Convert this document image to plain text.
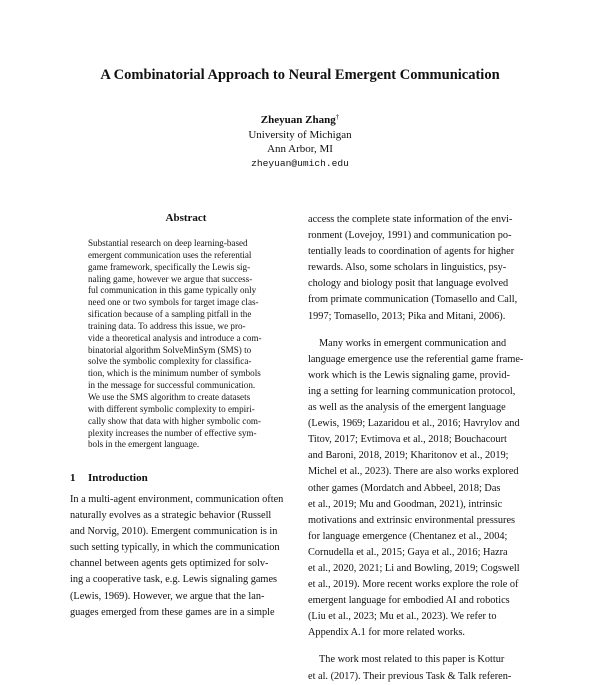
A Combinatorial Approach to Neural Emergent Communication
Zheyuan Zhang†
University of Michigan
Ann Arbor, MI
zheyuan@umich.edu
Abstract
Substantial research on deep learning-based
emergent communication uses the referential
game framework, specifically the Lewis sig-
naling game, however we argue that success-
ful communication in this game typically only
need one or two symbols for target image clas-
sification because of a sampling pitfall in the
training data. To address this issue, we pro-
vide a theoretical analysis and introduce a com-
binatorial algorithm SolveMinSym (SMS) to
solve the symbolic complexity for classifica-
tion, which is the minimum number of symbols
in the message for successful communication.
We use the SMS algorithm to create datasets
with different symbolic complexity to empiri-
cally show that data with higher symbolic com-
plexity increases the number of effective sym-
bols in the emergent language.
1 Introduction
In a multi-agent environment, communication often
naturally evolves as a strategic behavior (Russell
and Norvig, 2010). Emergent communication is in
such setting typically, in which the communication
channel between agents gets optimized for solv-
ing a cooperative task, e.g. Lewis signaling games
(Lewis, 1969). However, we argue that the lan-
guages emerged from these games are in a simple
access the complete state information of the envi-
ronment (Lovejoy, 1991) and communication po-
tentially leads to coordination of agents for higher
rewards. Also, some scholars in linguistics, psy-
chology and biology posit that language evolved
from primate communication (Tomasello and Call,
1997; Tomasello, 2013; Pika and Mitani, 2006).
Many works in emergent communication and
language emergence use the referential game frame-
work which is the Lewis signaling game, provid-
ing a setting for learning communication protocol,
as well as the analysis of the emergent language
(Lewis, 1969; Lazaridou et al., 2016; Havrylov and
Titov, 2017; Evtimova et al., 2018; Bouchacourt
and Baroni, 2018, 2019; Kharitonov et al., 2019;
Michel et al., 2023). There are also works explored
other games (Mordatch and Abbeel, 2018; Das
et al., 2019; Mu and Goodman, 2021), intrinsic
motivations and extrinsic environmental pressures
for language emergence (Chentanez et al., 2004;
Cornudella et al., 2015; Gaya et al., 2016; Hazra
et al., 2020, 2021; Li and Bowling, 2019; Cogswell
et al., 2019). More recent works explore the role of
emergent language for embodied AI and robotics
(Liu et al., 2023; Mu et al., 2023). We refer to
Appendix A.1 for more related works.
The work most related to this paper is Kottur
et al. (2017). Their previous Task & Talk referen-
